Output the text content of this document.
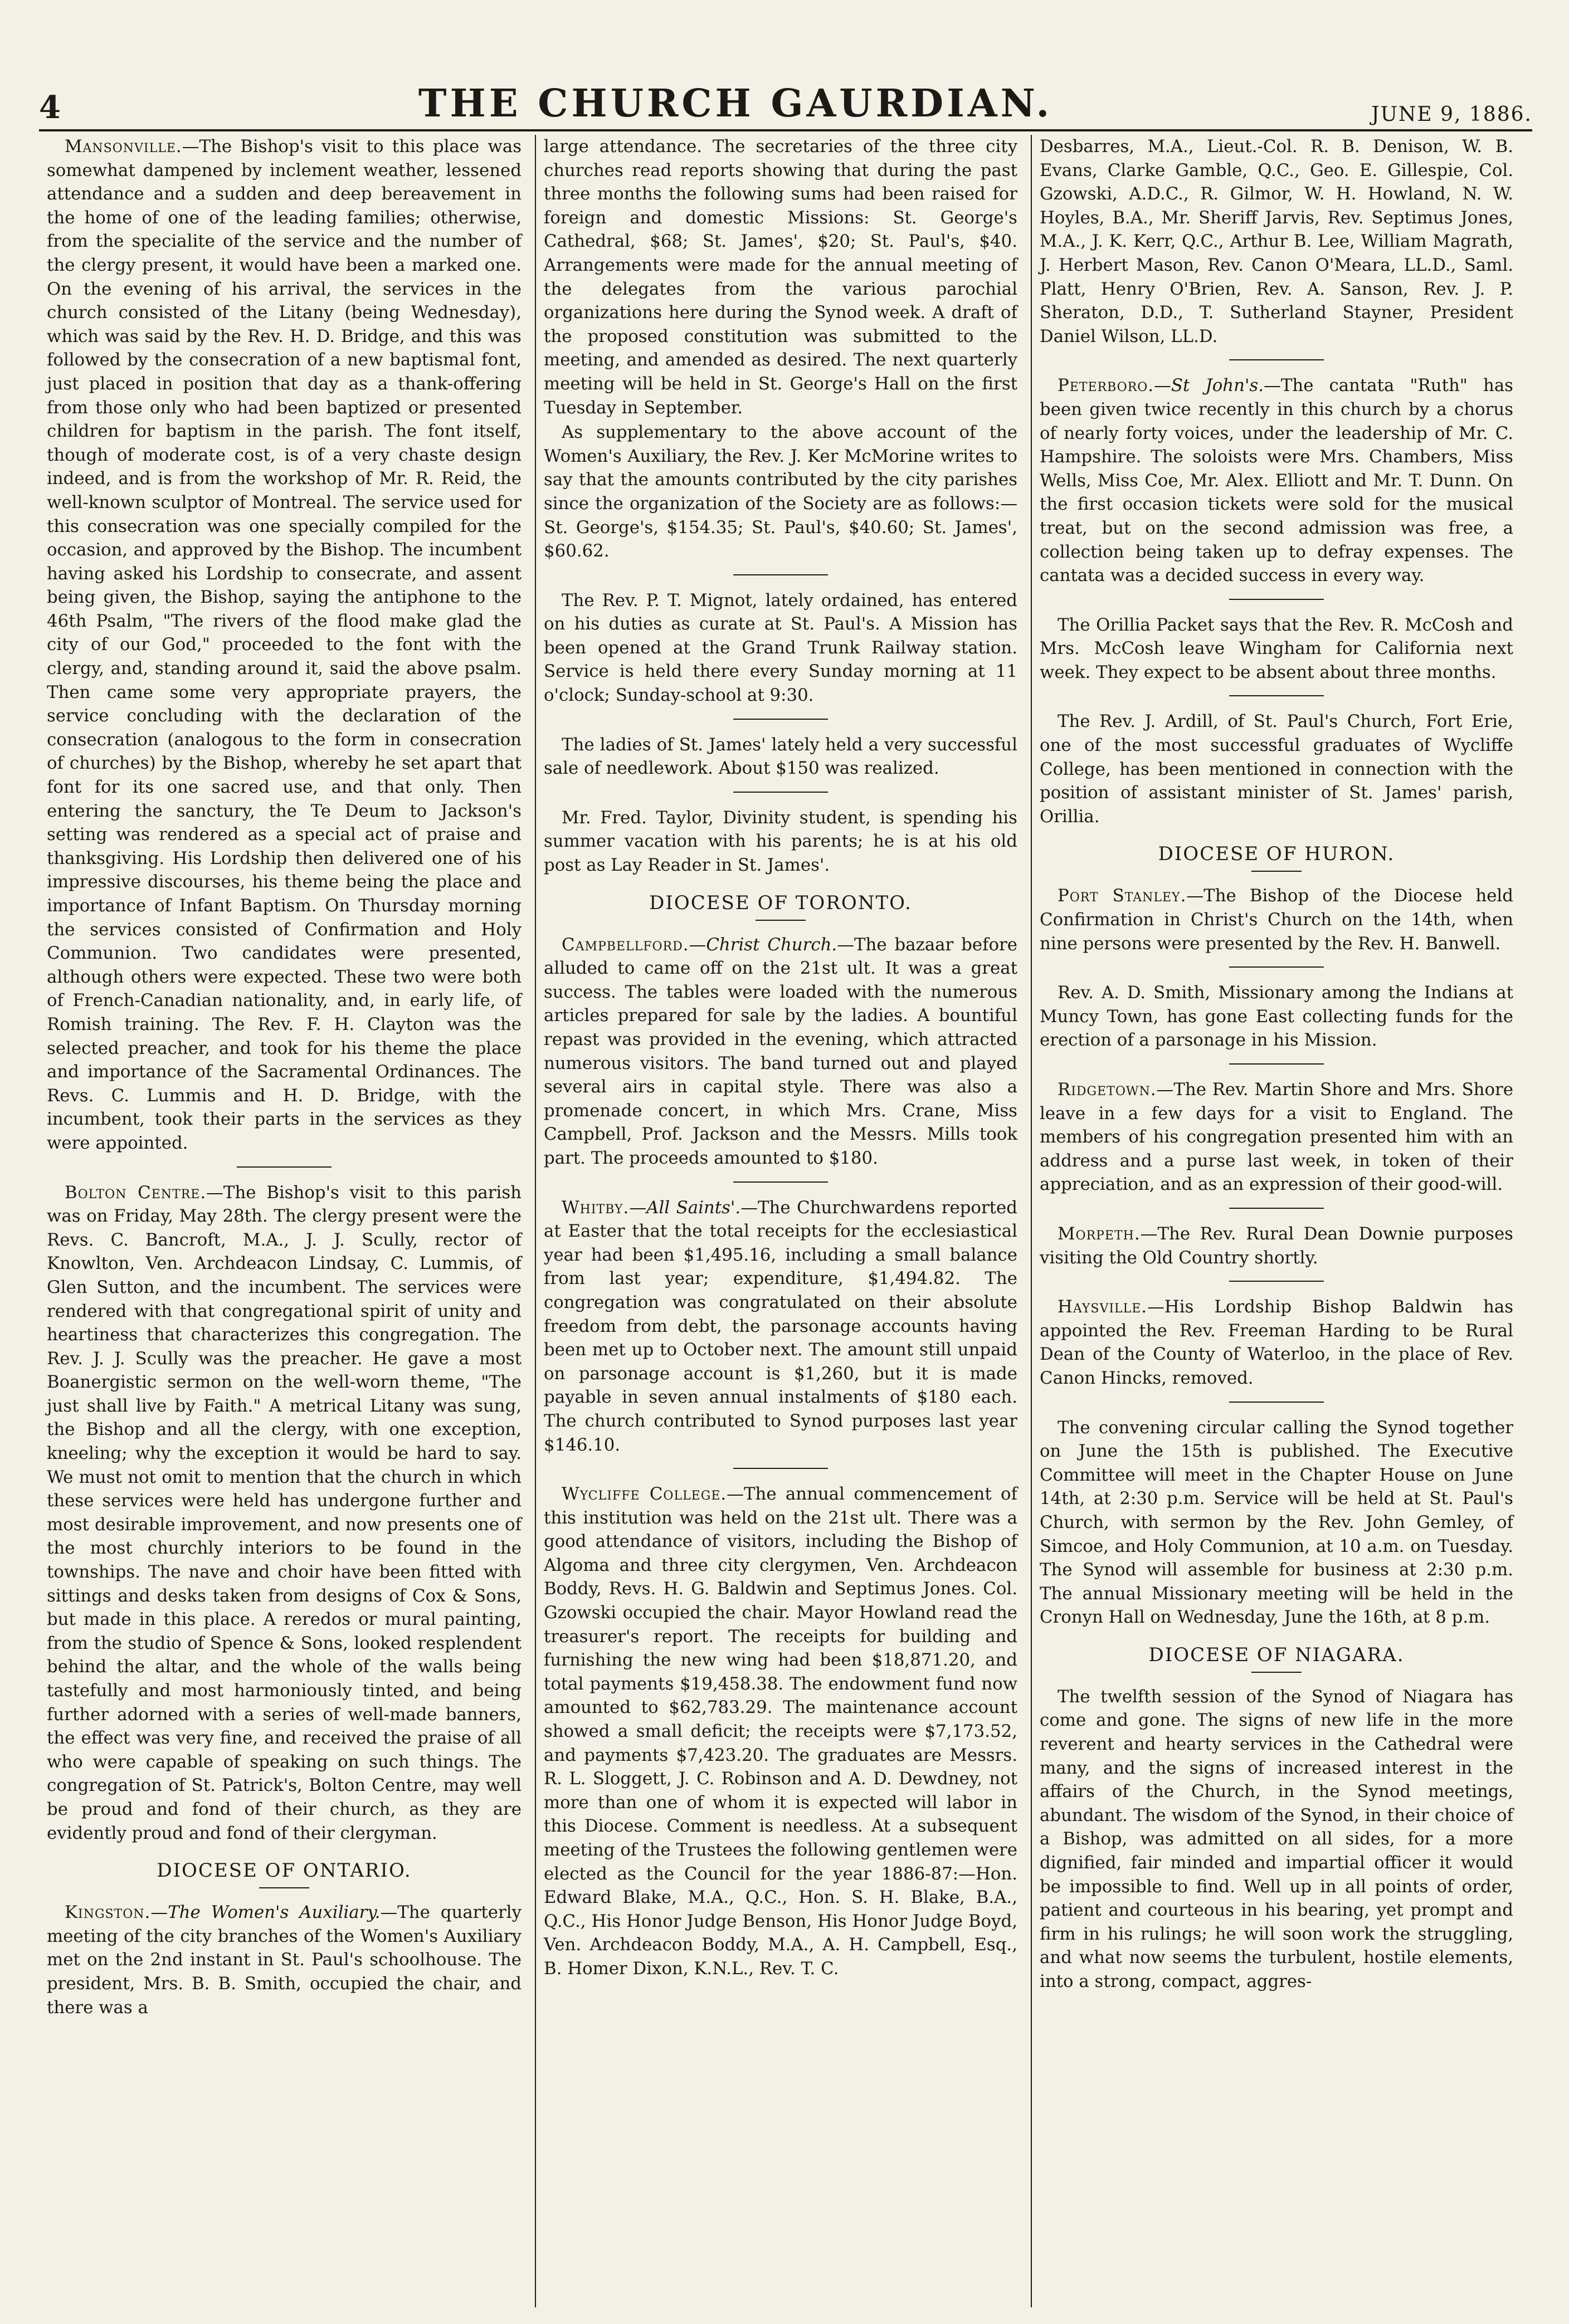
4	THE CHURCH GAURDIAN.	JUNE 9, 1886.

Mansonville.—The Bishop's visit to this place was somewhat dampened by inclement weather, lessened attendance and a sudden and deep bereavement in the home of one of the leading families; otherwise, from the specialite of the service and the number of the clergy present, it would have been a marked one. On the evening of his arrival, the services in the church consisted of the Litany (being Wednesday), which was said by the Rev. H. D. Bridge, and this was followed by the consecration of a new baptismal font, just placed in position that day as a thank-offering from those only who had been baptized or presented children for baptism in the parish. The font itself, though of moderate cost, is of a very chaste design indeed, and is from the workshop of Mr. R. Reid, the well-known sculptor of Montreal. The service used for this consecration was one specially compiled for the occasion, and approved by the Bishop. The incumbent having asked his Lordship to consecrate, and assent being given, the Bishop, saying the antiphone to the 46th Psalm, "The rivers of the flood make glad the city of our God," proceeded to the font with the clergy, and, standing around it, said the above psalm. Then came some very appropriate prayers, the service concluding with the declaration of the consecration (analogous to the form in consecration of churches) by the Bishop, whereby he set apart that font for its one sacred use, and that only. Then entering the sanctury, the Te Deum to Jackson's setting was rendered as a special act of praise and thanksgiving. His Lordship then delivered one of his impressive discourses, his theme being the place and importance of Infant Baptism. On Thursday morning the services consisted of Confirmation and Holy Communion. Two candidates were presented, although others were expected. These two were both of French-Canadian nationality, and, in early life, of Romish training. The Rev. F. H. Clayton was the selected preacher, and took for his theme the place and importance of the Sacramental Ordinances. The Revs. C. Lummis and H. D. Bridge, with the incumbent, took their parts in the services as they were appointed.

Bolton Centre.—The Bishop's visit to this parish was on Friday, May 28th. The clergy present were the Revs. C. Bancroft, M.A., J. J. Scully, rector of Knowlton, Ven. Archdeacon Lindsay, C. Lummis, of Glen Sutton, and the incumbent. The services were rendered with that congregational spirit of unity and heartiness that characterizes this congregation. The Rev. J. J. Scully was the preacher. He gave a most Boanergistic sermon on the well-worn theme, "The just shall live by Faith." A metrical Litany was sung, the Bishop and all the clergy, with one exception, kneeling; why the exception it would be hard to say. We must not omit to mention that the church in which these services were held has undergone further and most desirable improvement, and now presents one of the most churchly interiors to be found in the townships. The nave and choir have been fitted with sittings and desks taken from designs of Cox & Sons, but made in this place. A reredos or mural painting, from the studio of Spence & Sons, looked resplendent behind the altar, and the whole of the walls being tastefully and most harmoniously tinted, and being further adorned with a series of well-made banners, the effect was very fine, and received the praise of all who were capable of speaking on such things. The congregation of St. Patrick's, Bolton Centre, may well be proud and fond of their church, as they are evidently proud and fond of their clergyman.

DIOCESE OF ONTARIO.

Kingston.—The Women's Auxiliary.—The quarterly meeting of the city branches of the Women's Auxiliary met on the 2nd instant in St. Paul's schoolhouse. The president, Mrs. B. B. Smith, occupied the chair, and there was a

large attendance. The secretaries of the three city churches read reports showing that during the past three months the following sums had been raised for foreign and domestic Missions: St. George's Cathedral, $68; St. James', $20; St. Paul's, $40. Arrangements were made for the annual meeting of the delegates from the various parochial organizations here during the Synod week. A draft of the proposed constitution was submitted to the meeting, and amended as desired. The next quarterly meeting will be held in St. George's Hall on the first Tuesday in September.

As supplementary to the above account of the Women's Auxiliary, the Rev. J. Ker McMorine writes to say that the amounts contributed by the city parishes since the organization of the Society are as follows:—St. George's, $154.35; St. Paul's, $40.60; St. James', $60.62.

The Rev. P. T. Mignot, lately ordained, has entered on his duties as curate at St. Paul's. A Mission has been opened at the Grand Trunk Railway station. Service is held there every Sunday morning at 11 o'clock; Sunday-school at 9:30.

The ladies of St. James' lately held a very successful sale of needlework. About $150 was realized.

Mr. Fred. Taylor, Divinity student, is spending his summer vacation with his parents; he is at his old post as Lay Reader in St. James'.

DIOCESE OF TORONTO.

Campbellford.—Christ Church.—The bazaar before alluded to came off on the 21st ult. It was a great success. The tables were loaded with the numerous articles prepared for sale by the ladies. A bountiful repast was provided in the evening, which attracted numerous visitors. The band turned out and played several airs in capital style. There was also a promenade concert, in which Mrs. Crane, Miss Campbell, Prof. Jackson and the Messrs. Mills took part. The proceeds amounted to $180.

Whitby.—All Saints'.—The Churchwardens reported at Easter that the total receipts for the ecclesiastical year had been $1,495.16, including a small balance from last year; expenditure, $1,494.82. The congregation was congratulated on their absolute freedom from debt, the parsonage accounts having been met up to October next. The amount still unpaid on parsonage account is $1,260, but it is made payable in seven annual instalments of $180 each. The church contributed to Synod purposes last year $146.10.

Wycliffe College.—The annual commencement of this institution was held on the 21st ult. There was a good attendance of visitors, including the Bishop of Algoma and three city clergymen, Ven. Archdeacon Boddy, Revs. H. G. Baldwin and Septimus Jones. Col. Gzowski occupied the chair. Mayor Howland read the treasurer's report. The receipts for building and furnishing the new wing had been $18,871.20, and total payments $19,458.38. The endowment fund now amounted to $62,783.29. The maintenance account showed a small deficit; the receipts were $7,173.52, and payments $7,423.20. The graduates are Messrs. R. L. Sloggett, J. C. Robinson and A. D. Dewdney, not more than one of whom it is expected will labor in this Diocese. Comment is needless. At a subsequent meeting of the Trustees the following gentlemen were elected as the Council for the year 1886-87:—Hon. Edward Blake, M.A., Q.C., Hon. S. H. Blake, B.A., Q.C., His Honor Judge Benson, His Honor Judge Boyd, Ven. Archdeacon Boddy, M.A., A. H. Campbell, Esq., B. Homer Dixon, K.N.L., Rev. T. C.

Desbarres, M.A., Lieut.-Col. R. B. Denison, W. B. Evans, Clarke Gamble, Q.C., Geo. E. Gillespie, Col. Gzowski, A.D.C., R. Gilmor, W. H. Howland, N. W. Hoyles, B.A., Mr. Sheriff Jarvis, Rev. Septimus Jones, M.A., J. K. Kerr, Q.C., Arthur B. Lee, William Magrath, J. Herbert Mason, Rev. Canon O'Meara, LL.D., Saml. Platt, Henry O'Brien, Rev. A. Sanson, Rev. J. P. Sheraton, D.D., T. Sutherland Stayner, President Daniel Wilson, LL.D.

Peterboro.—St John's.—The cantata "Ruth" has been given twice recently in this church by a chorus of nearly forty voices, under the leadership of Mr. C. Hampshire. The soloists were Mrs. Chambers, Miss Wells, Miss Coe, Mr. Alex. Elliott and Mr. T. Dunn. On the first occasion tickets were sold for the musical treat, but on the second admission was free, a collection being taken up to defray expenses. The cantata was a decided success in every way.

The Orillia Packet says that the Rev. R. McCosh and Mrs. McCosh leave Wingham for California next week. They expect to be absent about three months.

The Rev. J. Ardill, of St. Paul's Church, Fort Erie, one of the most successful graduates of Wycliffe College, has been mentioned in connection with the position of assistant minister of St. James' parish, Orillia.

DIOCESE OF HURON.

Port Stanley.—The Bishop of the Diocese held Confirmation in Christ's Church on the 14th, when nine persons were presented by the Rev. H. Banwell.

Rev. A. D. Smith, Missionary among the Indians at Muncy Town, has gone East collecting funds for the erection of a parsonage in his Mission.

Ridgetown.—The Rev. Martin Shore and Mrs. Shore leave in a few days for a visit to England. The members of his congregation presented him with an address and a purse last week, in token of their appreciation, and as an expression of their good-will.

Morpeth.—The Rev. Rural Dean Downie purposes visiting the Old Country shortly.

Haysville.—His Lordship Bishop Baldwin has appointed the Rev. Freeman Harding to be Rural Dean of the County of Waterloo, in the place of Rev. Canon Hincks, removed.

The convening circular calling the Synod together on June the 15th is published. The Executive Committee will meet in the Chapter House on June 14th, at 2:30 p.m. Service will be held at St. Paul's Church, with sermon by the Rev. John Gemley, of Simcoe, and Holy Communion, at 10 a.m. on Tuesday. The Synod will assemble for business at 2:30 p.m. The annual Missionary meeting will be held in the Cronyn Hall on Wednesday, June the 16th, at 8 p.m.

DIOCESE OF NIAGARA.

The twelfth session of the Synod of Niagara has come and gone. The signs of new life in the more reverent and hearty services in the Cathedral were many, and the signs of increased interest in the affairs of the Church, in the Synod meetings, abundant. The wisdom of the Synod, in their choice of a Bishop, was admitted on all sides, for a more dignified, fair minded and impartial officer it would be impossible to find. Well up in all points of order, patient and courteous in his bearing, yet prompt and firm in his rulings; he will soon work the struggling, and what now seems the turbulent, hostile elements, into a strong, compact, aggres-
